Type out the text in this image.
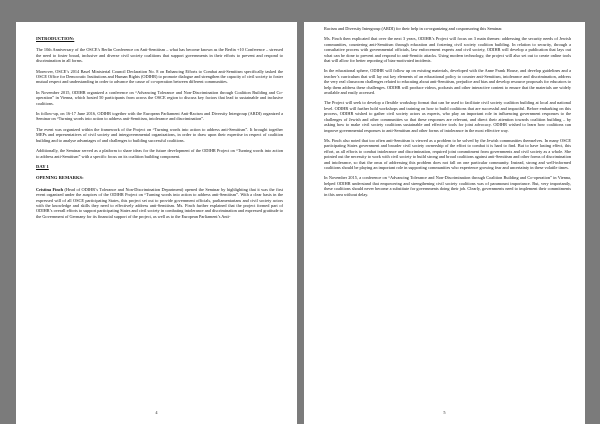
INTRODUCTION:

The 10th Anniversary of the OSCE’s Berlin Conference on Anti-Semitism – what has become known as the Berlin +10 Conference – stressed the need to foster broad, inclusive and diverse civil society coalitions that support governments in their efforts to prevent and respond to discrimination in all forms.

Moreover, OSCE’s 2014 Basel Ministerial Council Declaration No. 8 on Enhancing Efforts to Combat anti-Semitism specifically tasked the OSCE Office for Democratic Institutions and Human Rights (ODIHR) to promote dialogue and strengthen the capacity of civil society to foster mutual respect and understanding in order to advance the cause of co-operation between different communities.

In November 2015, ODIHR organized a conference on “Advancing Tolerance and Non-Discrimination through Coalition Building and Co-operation” in Vienna, which hosted 50 participants from across the OSCE region to discuss key factors that lead to sustainable and inclusive coalitions.

In follow-up, on 16-17 June 2016, ODIHR together with the European Parliament Anti-Racism and Diversity Intergroup (ARDI) organized a Seminar on “Turning words into action to address anti-Semitism, intolerance and discrimination”.

The event was organized within the framework of the Project on “Turning words into action to address anti-Semitism”. It brought together MEPs and representatives of civil society and intergovernmental organizations, in order to draw upon their expertise in respect of coalition building and to analyse advantages of and challenges to building successful coalitions.

Additionally, the Seminar served as a platform to share ideas for the future development of the ODIHR Project on “Turning words into action to address anti-Semitism” with a specific focus on its coalition building component.

DAY 1

OPENING REMARKS:

Cristina Finch (Head of ODIHR’s Tolerance and Non-Discrimination Department) opened the Seminar by highlighting that it was the first event organized under the auspices of the ODIHR Project on “Turning words into action to address anti-Semitism”. With a clear basis in the expressed will of all OSCE participating States, this project set out to provide government officials, parliamentarians and civil society actors with the knowledge and skills they need to effectively address anti-Semitism. Ms. Finch further explained that the project formed part of ODIHR’s overall efforts to support participating States and civil society in combating intolerance and discrimination and expressed gratitude to the Government of Germany for its financial support of the project, as well as to the European Parliament’s Anti-

4

Racism and Diversity Intergroup (ARDI) for their help in co-organizing and cosponsoring this Seminar.

Ms. Finch then explicated that over the next 3 years, ODIHR’s Project will focus on 3 main themes: addressing the security needs of Jewish communities, countering anti-Semitism through education and fostering civil society coalition building. In relation to security, through a consultative process with governmental officials, law enforcement experts and civil society, ODIHR will develop a publication that lays out what can be done to prevent and respond to anti-Semitic attacks. Using modern technology, the project will also set out to create online tools that will allow for better reporting of bias-motivated incidents.

In the educational sphere, ODIHR will follow up on existing materials, developed with the Anne Frank House, and develop guidelines and a teacher’s curriculum that will lay out key elements of an educational policy to counter anti-Semitism, intolerance and discrimination, address the very real classroom challenges related to educating about anti-Semitism, prejudice and bias and develop resource proposals for educators to help them address these challenges. ODIHR will produce videos, podcasts and other interactive content to ensure that the materials are widely available and easily accessed.

The Project will seek to develop a flexible workshop format that can be used to facilitate civil society coalition building at local and national level. ODIHR will further hold workshops and training on how to build coalitions that are successful and impactful. Before embarking on this process, ODIHR wished to gather civil society actors as experts, who play an important role in influencing government responses to the challenges of Jewish and other communities so that these responses are relevant, and direct their attention towards coalition building – by asking how to make civil society coalitions sustainable and effective tools for joint advocacy. ODIHR wished to learn how coalitions can improve governmental responses to anti-Semitism and other forms of intolerance in the most effective way.

Ms. Finch also noted that too often anti-Semitism is viewed as a problem to be solved by the Jewish communities themselves. In many OSCE participating States government and broader civil society ownership of the effort to combat it is hard to find. But to have lasting effect, this effort, as all efforts to combat intolerance and discrimination, required joint commitment from governments and civil society as a whole. She pointed out the necessity to work with civil society to build strong and broad coalitions against anti-Semitism and other forms of discrimination and intolerance, so that the onus of addressing this problem does not fall on one particular community. Instead, strong and well-informed coalitions should be playing an important role in supporting communities who experience growing fear and uncertainty in these volatile times.

In November 2015, a conference on “Advancing Tolerance and Non-Discrimination through Coalition Building and Co-operation” in Vienna, helped ODIHR understand that empowering and strengthening civil society coalitions was of paramount importance. But, very importantly, these coalitions should never become a substitute for governments doing their job. Clearly, governments need to implement their commitments in this area without delay.

5
